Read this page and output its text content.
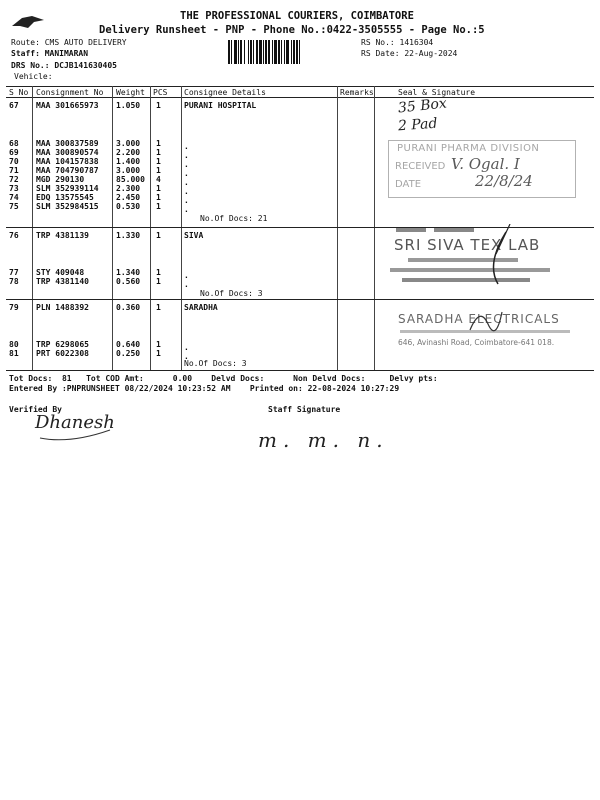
THE PROFESSIONAL COURIERS, COIMBATORE
Delivery Runsheet - PNP - Phone No.:0422-3505555 - Page No.:5
Route: CMS AUTO DELIVERY
Staff: MANIMARAN
DRS No.: DCJB141630405
Vehicle:
RS No.: 1416304
RS Date: 22-Aug-2024
S No Consignment No Weight PCS Consignee Details	Remarks	Seal & Signature
67 MAA 301665973 1.050 1	PURANI HOSPITAL
68 MAA 300837589 3.000 1	.
69 MAA 300890574 2.200 1	.
70 MAA 104157838 1.400 1	.
71 MAA 704790787 3.000 1	.
72 MGD 290130	85.000 4	.
73 SLM 352939114 2.300 1	.
74 EDQ 13575545	2.450 1	.
75 SLM 352984515 0.530 1	.
No.Of Docs: 21
76 TRP 4381139	1.330 1	SIVA
77 STY 409048	1.340 1	.
78 TRP 4381140	0.560 1	.
No.Of Docs: 3
79 PLN 1488392	0.360 1	SARADHA
80 TRP 6298065	0.640 1	.
81 PRT 6022308	0.250 1	.
No.Of Docs: 3
Tot Docs:  81   Tot COD Amt:      0.00    Delvd Docs:      Non Delvd Docs:     Delvy pts:
Entered By :PNPRUNSHEET 08/22/2024 10:23:52 AM    Printed on: 22-08-2024 10:27:29
Verified By	Staff Signature
35 Box
2 Pad
PURANI PHARMA DIVISION
RECEIVED V. Ogal. I
DATE	22/8/24
SRI SIVA TEX LAB
SARADHA ELECTRICALS
646, Avinashi Road, Coimbatore-641 018.
Dhanesh
m. m. n.
